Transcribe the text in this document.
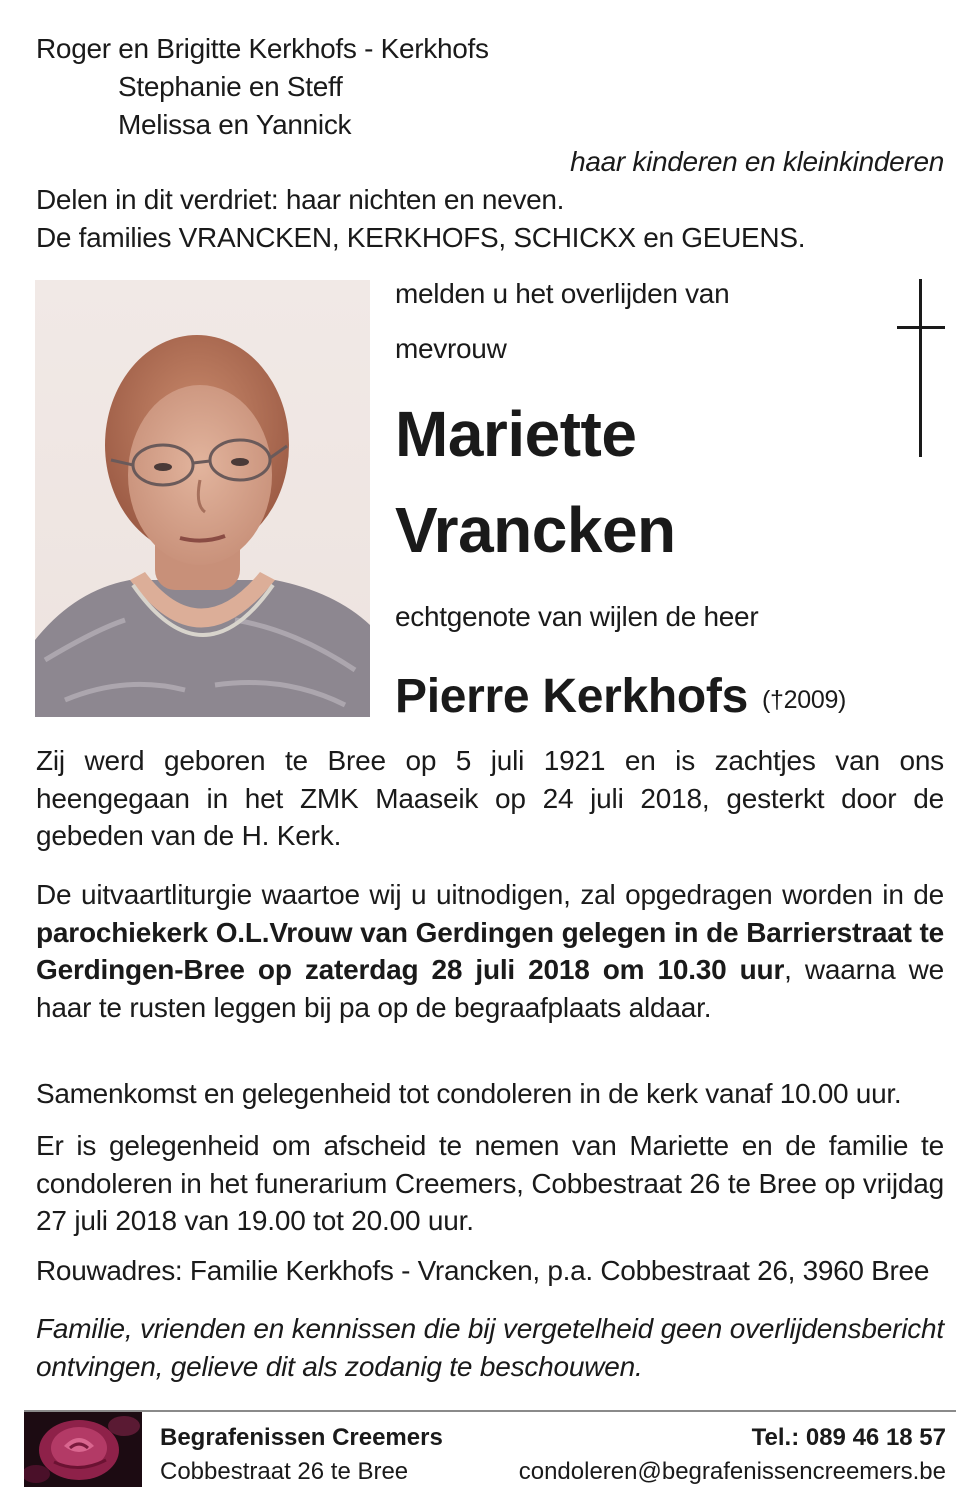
Roger en Brigitte Kerkhofs - Kerkhofs
Stephanie en Steff
Melissa en Yannick
haar kinderen en kleinkinderen
Delen in dit verdriet: haar nichten en neven.
De families VRANCKEN, KERKHOFS, SCHICKX en GEUENS.
melden u het overlijden van
mevrouw
Mariette
Vrancken
echtgenote van wijlen de heer
Pierre Kerkhofs (†2009)
Zij werd geboren te Bree op 5 juli 1921 en is zachtjes van ons heengegaan in het ZMK Maaseik op 24 juli 2018, gesterkt door de gebeden van de H. Kerk.
De uitvaartliturgie waartoe wij u uitnodigen, zal opgedragen worden in de parochiekerk O.L.Vrouw van Gerdingen gelegen in de Barrierstraat te Gerdingen-Bree op zaterdag 28 juli 2018 om 10.30 uur, waarna we haar te rusten leggen bij pa op de begraafplaats aldaar.
Samenkomst en gelegenheid tot condoleren in de kerk vanaf 10.00 uur.
Er is gelegenheid om afscheid te nemen van Mariette en de familie te condoleren in het funerarium Creemers, Cobbestraat 26 te Bree op vrijdag 27 juli 2018 van 19.00 tot 20.00 uur.
Rouwadres: Familie Kerkhofs - Vrancken, p.a. Cobbestraat 26, 3960 Bree
Familie, vrienden en kennissen die bij vergetelheid geen overlijdensbericht ontvingen, gelieve dit als zodanig te beschouwen.
Begrafenissen Creemers
Cobbestraat 26 te Bree
Tel.: 089 46 18 57
condoleren@begrafenissencreemers.be
